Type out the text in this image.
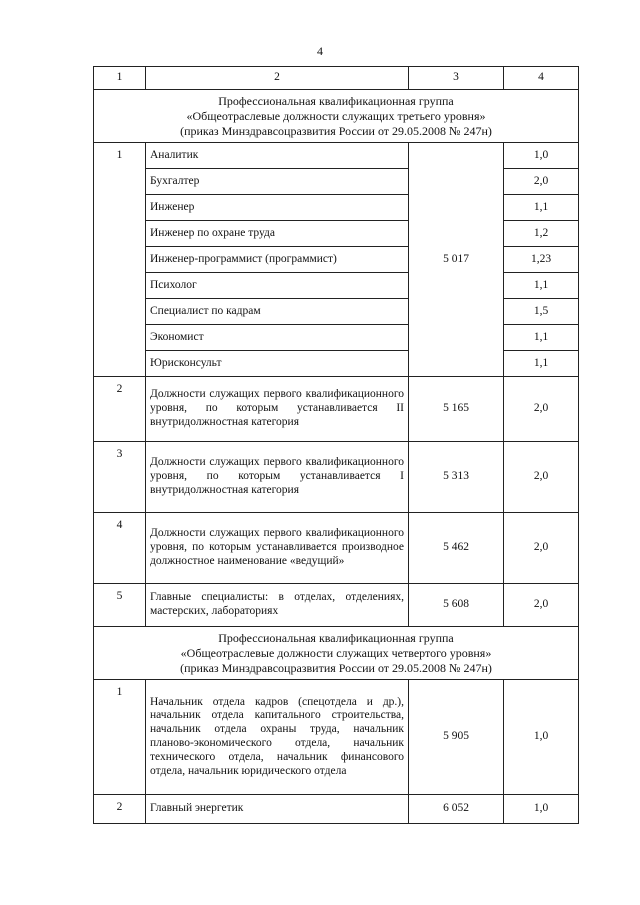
4
1	2	3	4

Профессиональная квалификационная группа
«Общеотраслевые должности служащих третьего уровня»
(приказ Минздравсоцразвития России от 29.05.2008 № 247н)			

1	Аналитик	5 017	1,0
	Бухгалтер		2,0
	Инженер		1,1
	Инженер по охране труда		1,2
	Инженер-программист (программист)		1,23
	Психолог		1,1
	Специалист по кадрам		1,5
	Экономист		1,1
	Юрисконсульт		1,1
2	Должности служащих первого квалификационного уровня, по которым устанавливается II внутридолжностная категория	5 165	2,0
3	Должности служащих первого квалификационного уровня, по которым устанавливается I внутридолжностная категория	5 313	2,0
4	Должности служащих первого квалификационного уровня, по которым устанавливается производное должностное наименование «ведущий»	5 462	2,0
5	Главные специалисты: в отделах, отделениях, мастерских, лабораториях	5 608	2,0

Профессиональная квалификационная группа
«Общеотраслевые должности служащих четвертого уровня»
(приказ Минздравсоцразвития России от 29.05.2008 № 247н)			

1	Начальник отдела кадров (спецотдела и др.), начальник отдела капитального строительства, начальник отдела охраны труда, начальник планово-экономического отдела, начальник технического отдела, начальник финансового отдела, начальник юридического отдела	5 905	1,0
2	Главный энергетик	6 052	1,0
